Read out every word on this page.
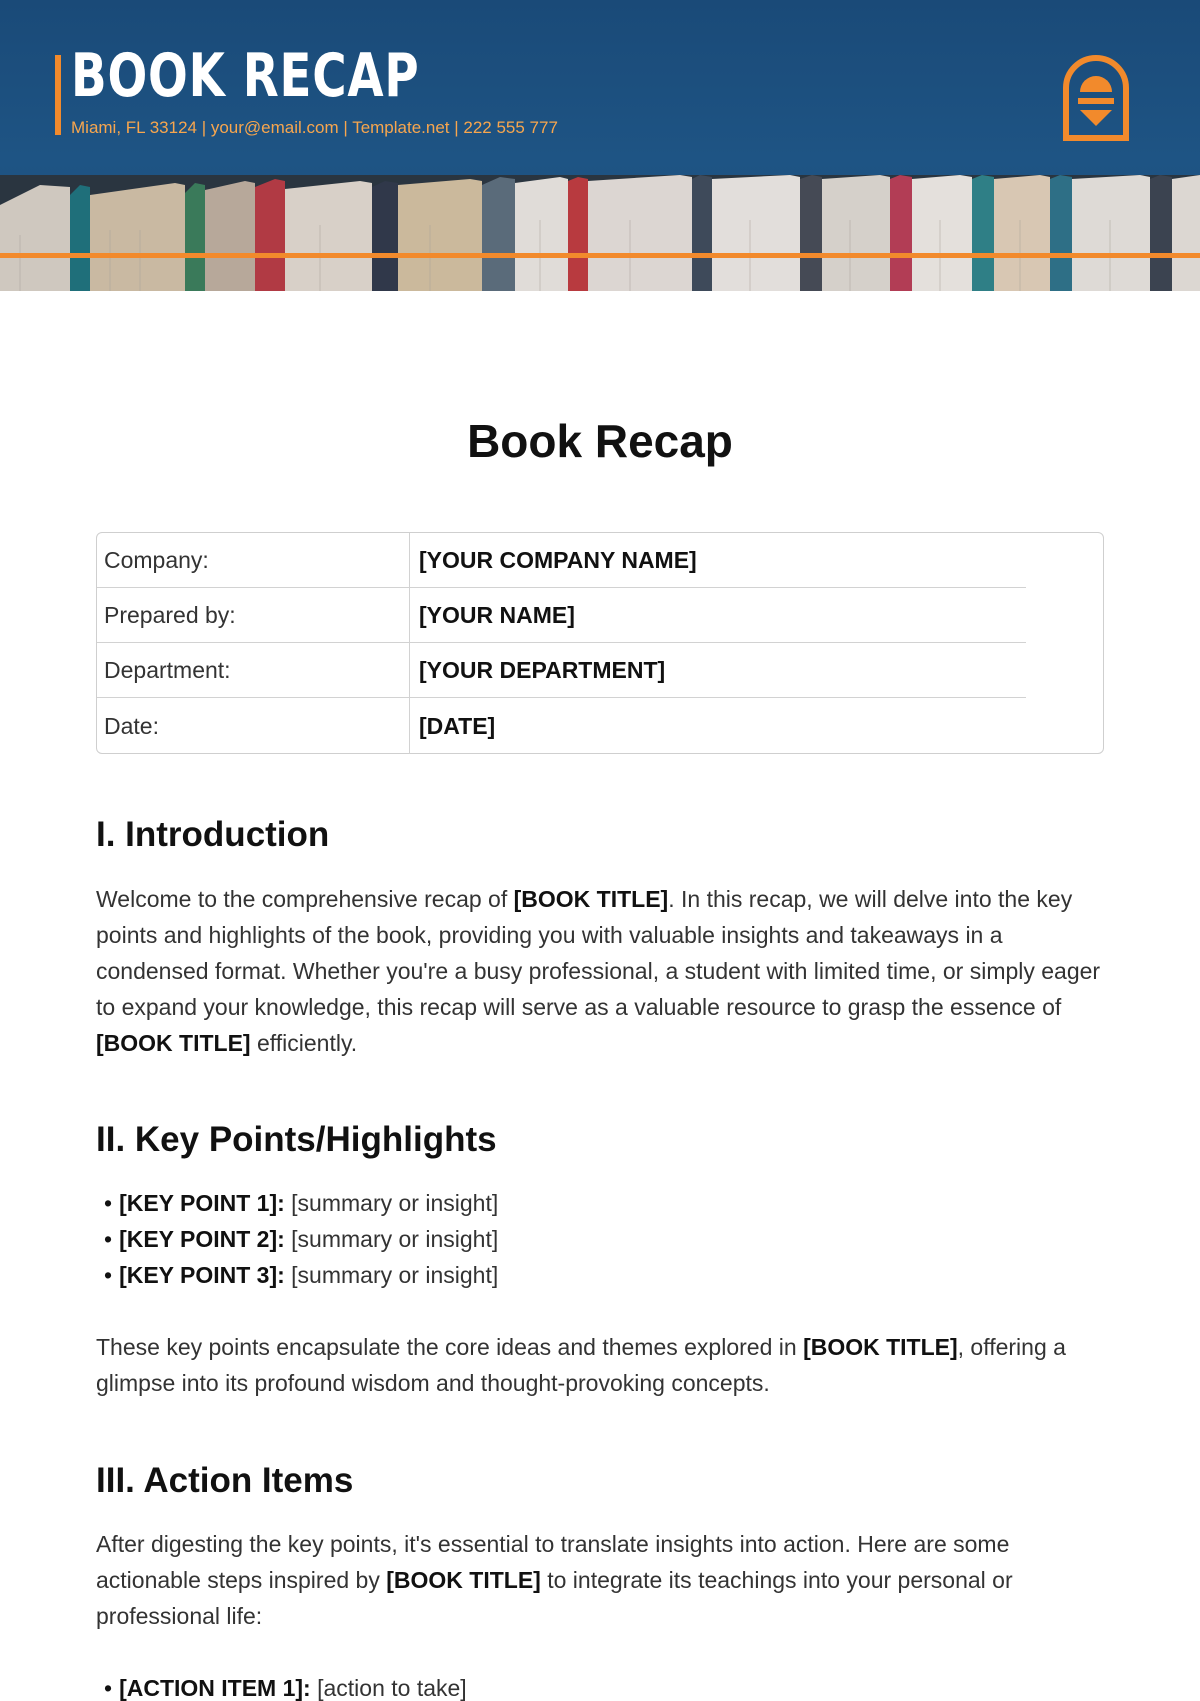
BOOK RECAP
Miami, FL 33124 | your@email.com | Template.net | 222 555 777
Book Recap
Company:	[YOUR COMPANY NAME]
Prepared by:	[YOUR NAME]
Department:	[YOUR DEPARTMENT]
Date:	[DATE]
I. Introduction
Welcome to the comprehensive recap of [BOOK TITLE]. In this recap, we will delve into the key points and highlights of the book, providing you with valuable insights and takeaways in a condensed format. Whether you're a busy professional, a student with limited time, or simply eager to expand your knowledge, this recap will serve as a valuable resource to grasp the essence of [BOOK TITLE] efficiently.
II. Key Points/Highlights
• [KEY POINT 1]: [summary or insight]
• [KEY POINT 2]: [summary or insight]
• [KEY POINT 3]: [summary or insight]
These key points encapsulate the core ideas and themes explored in [BOOK TITLE], offering a glimpse into its profound wisdom and thought-provoking concepts.
III. Action Items
After digesting the key points, it's essential to translate insights into action. Here are some actionable steps inspired by [BOOK TITLE] to integrate its teachings into your personal or professional life:
• [ACTION ITEM 1]: [action to take]
